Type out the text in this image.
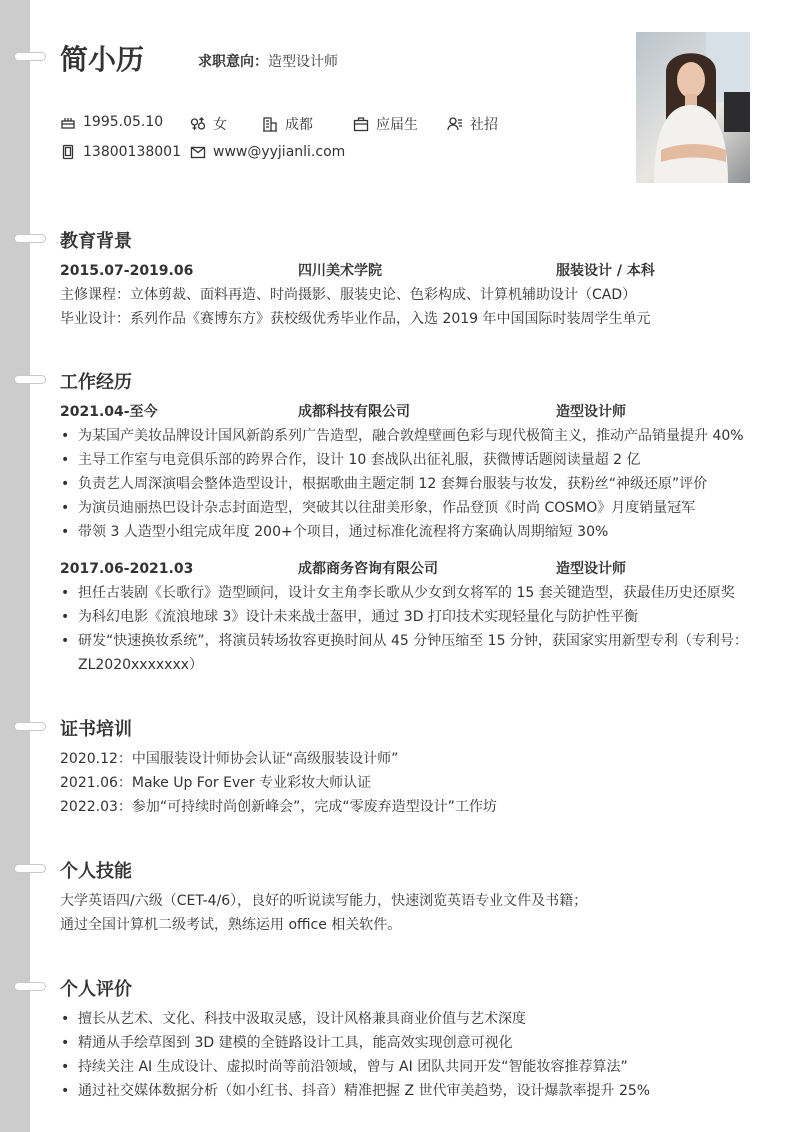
简小历	求职意向：造型设计师
1995.05.10	女	成都	应届生	社招
13800138001 www@yyjianli.com
教育背景
2015.07-2019.06	四川美术学院	服装设计 / 本科
主修课程：立体剪裁、面料再造、时尚摄影、服装史论、色彩构成、计算机辅助设计（CAD）
毕业设计：系列作品《赛博东方》获校级优秀毕业作品，入选 2019 年中国国际时装周学生单元
工作经历
2021.04-至今	成都科技有限公司	造型设计师
• 为某国产美妆品牌设计国风新韵系列广告造型，融合敦煌壁画色彩与现代极简主义，推动产品销量提升 40%
• 主导工作室与电竞俱乐部的跨界合作，设计 10 套战队出征礼服，获微博话题阅读量超 2 亿
• 负责艺人周深演唱会整体造型设计，根据歌曲主题定制 12 套舞台服装与妆发，获粉丝“神级还原”评价
• 为演员迪丽热巴设计杂志封面造型，突破其以往甜美形象，作品登顶《时尚 COSMO》月度销量冠军
• 带领 3 人造型小组完成年度 200+个项目，通过标准化流程将方案确认周期缩短 30%
2017.06-2021.03	成都商务咨询有限公司	造型设计师
• 担任古装剧《长歌行》造型顾问，设计女主角李长歌从少女到女将军的 15 套关键造型，获最佳历史还原奖
• 为科幻电影《流浪地球 3》设计未来战士盔甲，通过 3D 打印技术实现轻量化与防护性平衡
• 研发“快速换妆系统”，将演员转场妆容更换时间从 45 分钟压缩至 15 分钟，获国家实用新型专利（专利号：
ZL2020xxxxxxx）
证书培训
2020.12：中国服装设计师协会认证“高级服装设计师”
2021.06：Make Up For Ever 专业彩妆大师认证
2022.03：参加“可持续时尚创新峰会”，完成“零废弃造型设计”工作坊
个人技能
大学英语四/六级（CET-4/6），良好的听说读写能力，快速浏览英语专业文件及书籍；
通过全国计算机二级考试，熟练运用 office 相关软件。
个人评价
• 擅长从艺术、文化、科技中汲取灵感，设计风格兼具商业价值与艺术深度
• 精通从手绘草图到 3D 建模的全链路设计工具，能高效实现创意可视化
• 持续关注 AI 生成设计、虚拟时尚等前沿领域，曾与 AI 团队共同开发“智能妆容推荐算法”
• 通过社交媒体数据分析（如小红书、抖音）精准把握 Z 世代审美趋势，设计爆款率提升 25%
